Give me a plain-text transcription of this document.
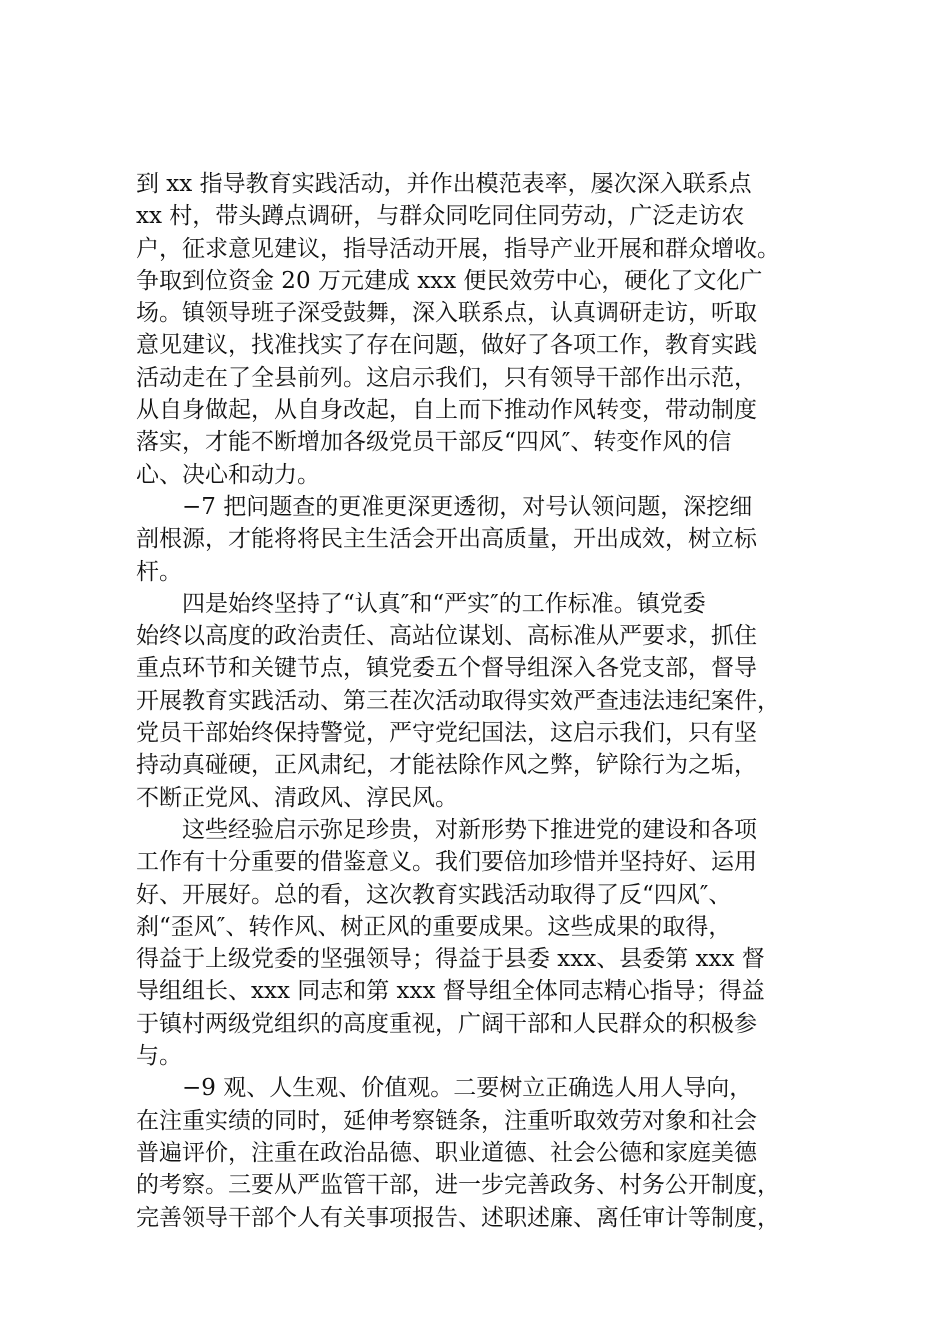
到 xx 指导教育实践活动，并作出模范表率，屡次深入联系点
xx 村，带头蹲点调研，与群众同吃同住同劳动，广泛走访农
户，征求意见建议，指导活动开展，指导产业开展和群众增收。
争取到位资金 20 万元建成 xxx 便民效劳中心，硬化了文化广
场。镇领导班子深受鼓舞，深入联系点，认真调研走访，听取
意见建议，找准找实了存在问题，做好了各项工作，教育实践
活动走在了全县前列。这启示我们，只有领导干部作出示范，
从自身做起，从自身改起，自上而下推动作风转变，带动制度
落实，才能不断增加各级党员干部反“四风″、转变作风的信
心、决心和动力。
−7 把问题查的更准更深更透彻，对号认领问题，深挖细
剖根源，才能将将民主生活会开出高质量，开出成效，树立标
杆。
四是始终坚持了“认真″和“严实″的工作标准。镇党委
始终以高度的政治责任、高站位谋划、高标准从严要求，抓住
重点环节和关键节点，镇党委五个督导组深入各党支部，督导
开展教育实践活动、第三茬次活动取得实效严查违法违纪案件，
党员干部始终保持警觉，严守党纪国法，这启示我们，只有坚
持动真碰硬，正风肃纪，才能祛除作风之弊，铲除行为之垢，
不断正党风、清政风、淳民风。
这些经验启示弥足珍贵，对新形势下推进党的建设和各项
工作有十分重要的借鉴意义。我们要倍加珍惜并坚持好、运用
好、开展好。总的看，这次教育实践活动取得了反“四风″、
刹“歪风″、转作风、树正风的重要成果。这些成果的取得，
得益于上级党委的坚强领导；得益于县委 xxx、县委第 xxx 督
导组组长、xxx 同志和第 xxx 督导组全体同志精心指导；得益
于镇村两级党组织的高度重视，广阔干部和人民群众的积极参
与。
−9 观、人生观、价值观。二要树立正确选人用人导向，
在注重实绩的同时，延伸考察链条，注重听取效劳对象和社会
普遍评价，注重在政治品德、职业道德、社会公德和家庭美德
的考察。三要从严监管干部，进一步完善政务、村务公开制度，
完善领导干部个人有关事项报告、述职述廉、离任审计等制度，
